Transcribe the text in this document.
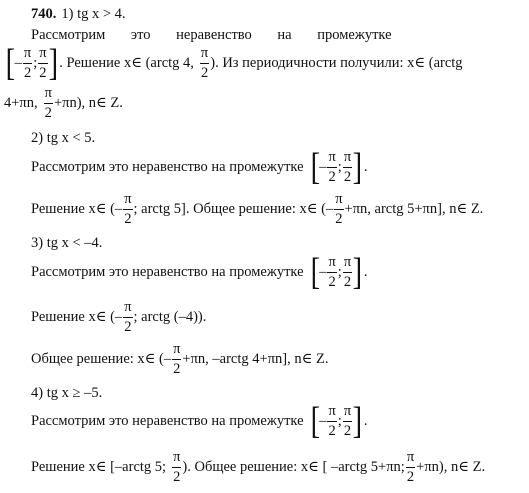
740. 1) tg x > 4.
Рассмотрим это неравенство на промежутке
[ – $\frac{\pi}{2}$ ; $\frac{\pi}{2}$ ] . Решение x∈ (arctg 4, $\frac{\pi}{2}$ ). Из периодичности получили: x∈ (arctg
4+πn, $\frac{\pi}{2} +\pi n$), n∈ Z.
2) tg x < 5.
Рассмотрим это неравенство на промежутке [ – $\frac{\pi}{2}$ ; $\frac{\pi}{2}$ ] .
Решение x∈ (– $\frac{\pi}{2}$ ; arctg 5]. Общее решение: x∈ (– $\frac{\pi}{2} +\pi n$, arctg 5+πn], n∈ Z.
3) tg x < –4.
Рассмотрим это неравенство на промежутке [ – $\frac{\pi}{2}$ ; $\frac{\pi}{2}$ ] .
Решение x∈ (– $\frac{\pi}{2}$ ; arctg (–4)).
Общее решение: x∈ (– $\frac{\pi}{2} +\pi n$, –arctg 4+πn], n∈ Z.
4) tg x ≥ –5.
Рассмотрим это неравенство на промежутке [ – $\frac{\pi}{2}$ ; $\frac{\pi}{2}$ ] .
Решение x∈ [–arctg 5; $\frac{\pi}{2}$ ). Общее решение: x∈ [ –arctg 5+πn; $\frac{\pi}{2} +\pi n$), n∈ Z.
